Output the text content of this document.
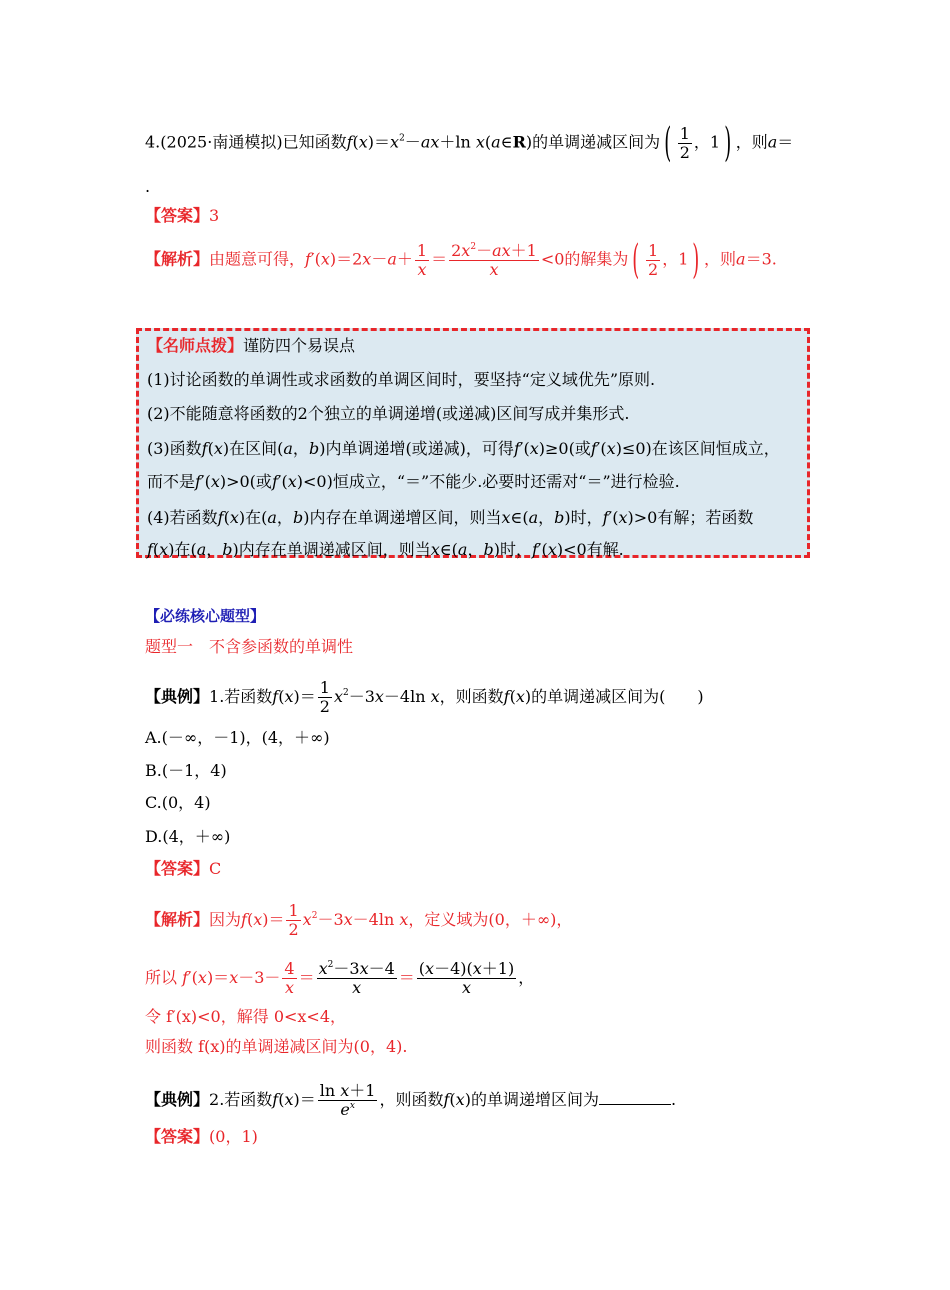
4.(2025·南通模拟)已知函数$f(x)=x^2-ax+\ln$ x(a∈R)的单调递减区间为 ( $\frac{1}{2}$ ，1 ) ，则a＝
.
【答案】3
【解析】由题意可得，$f'(x)=2x-a+ \frac{1}{x} = \frac{2x^2-ax+1}{x} <0$的解集为 ( $\frac{1}{2}$ ，1 ) ，则a＝3.
【名师点拨】谨防四个易误点
(1)讨论函数的单调性或求函数的单调区间时，要坚持“定义域优先”原则.
(2)不能随意将函数的2个独立的单调递增(或递减)区间写成并集形式.
(3)函数f(x)在区间(a，b)内单调递增(或递减)，可得f′(x)≥0(或f′(x)≤0)在该区间恒成立，
而不是f′(x)>0(或f′(x)<0)恒成立，“＝”不能少.必要时还需对“＝”进行检验.
(4)若函数f(x)在(a，b)内存在单调递增区间，则当x∈(a，b)时，f′(x)>0有解；若函数
f(x)在(a，b)内存在单调递减区间，则当x∈(a，b)时，f′(x)<0有解.
【必练核心题型】
题型一　不含参函数的单调性
【典例】1.若函数$f(x)= \frac{1}{2} x^2-3x-4\ln$ x，则函数f(x)的单调递减区间为(　　)
A.(－∞，－1)，(4，＋∞)
B.(－1，4)
C.(0，4)
D.(4，＋∞)
【答案】C
【解析】因为$f(x)= \frac{1}{2} x^2-3x-4\ln$ x，定义域为(0，＋∞)，
所以 $f'(x)=x-3- \frac{4}{x} = \frac{x^2-3x-4}{x} = \frac{(x-4)(x+1)}{x}$ ，
令 f′(x)<0，解得 0<x<4，
则函数 f(x)的单调递减区间为(0，4).
【典例】2.若函数$f(x)= \frac{\text{ln x＋1}}{e^x}$ ，则函数f(x)的单调递增区间为	.
【答案】(0，1)
